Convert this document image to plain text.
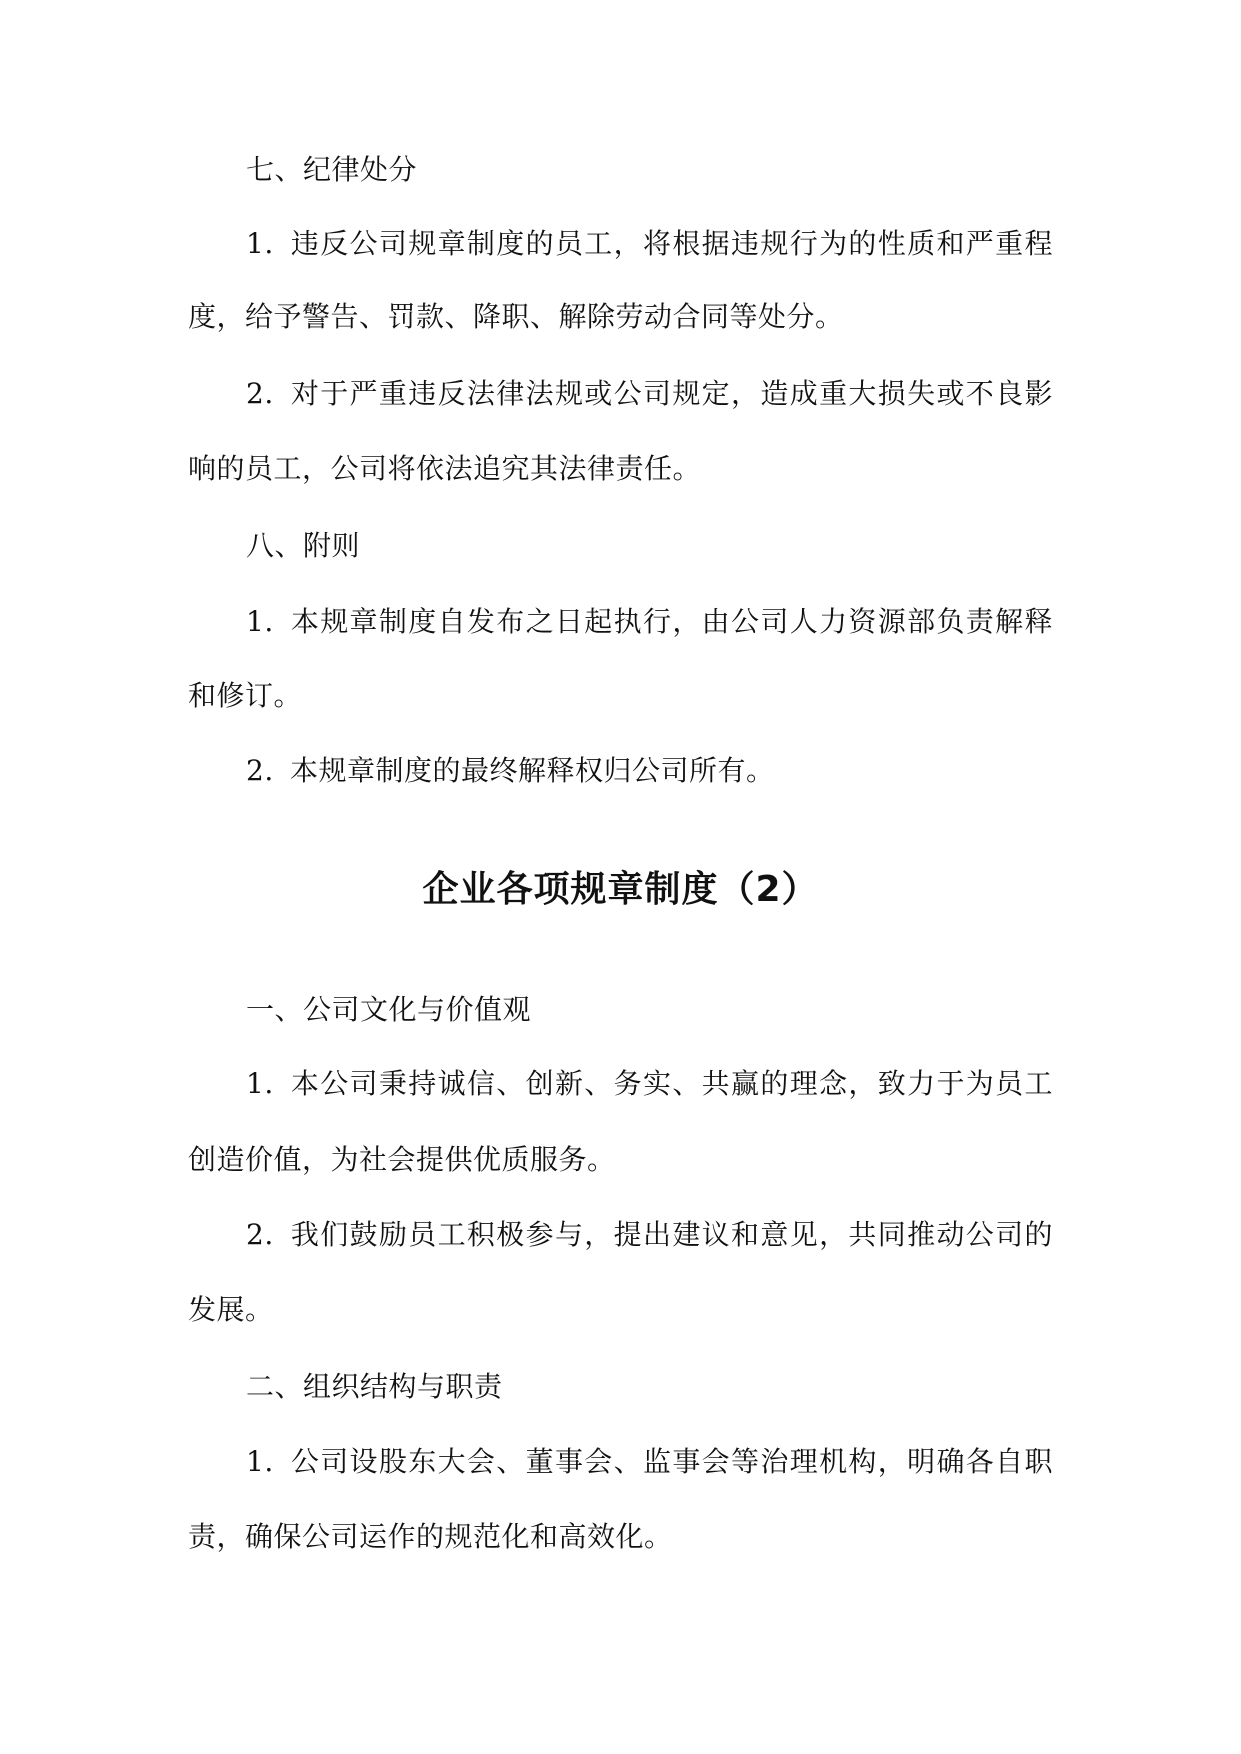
七、纪律处分
1. 违反公司规章制度的员工，将根据违规行为的性质和严重程
度，给予警告、罚款、降职、解除劳动合同等处分。
2. 对于严重违反法律法规或公司规定，造成重大损失或不良影
响的员工，公司将依法追究其法律责任。
八、附则
1. 本规章制度自发布之日起执行，由公司人力资源部负责解释
和修订。
2. 本规章制度的最终解释权归公司所有。
企业各项规章制度（2）
一、公司文化与价值观
1. 本公司秉持诚信、创新、务实、共赢的理念，致力于为员工
创造价值，为社会提供优质服务。
2. 我们鼓励员工积极参与，提出建议和意见，共同推动公司的
发展。
二、组织结构与职责
1. 公司设股东大会、董事会、监事会等治理机构，明确各自职
责，确保公司运作的规范化和高效化。
